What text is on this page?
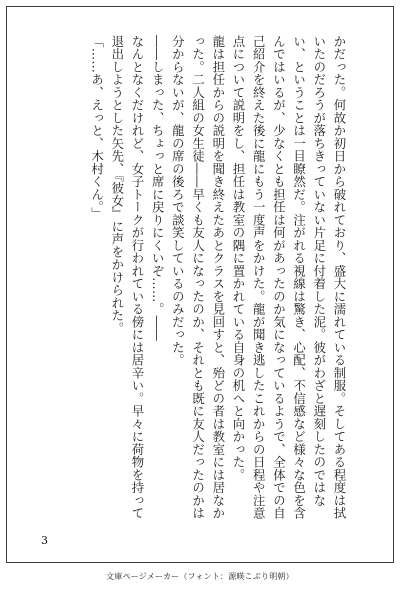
かだった。何故か初日から破れており、盛大に濡れている制服。そしてある程度は拭いたのだろうが落ちきっていない片足に付着した泥。彼がわざと遅刻したのではない、ということは一目瞭然だ。注がれる視線は驚き、心配、不信感など様々な色を含んではいるが、少なくとも担任は何があったのか気になっているようで、全体での自己紹介を終えた後に龍にもう一度声をかけた。龍が聞き逃したこれからの日程や注意点について説明をし、担任は教室の隅に置かれている自身の机へと向かった。

龍は担任からの説明を聞き終えたあとクラスを見回すと、殆どの者は教室には居なかった。二人組の女生徒――早くも友人になったのか、それとも既に友人だったのかは分からないが、龍の席の後ろで談笑しているのみだった。

――しまった、ちょっと席に戻りにくいぞ……。――

なんとなくだけれど、女子トークが行われている傍には居辛い。早々に荷物を持って退出しようとした矢先、『彼女』に声をかけられた。

「……あ、えっと、木村くん。」

3
文庫ページメーカー（フォント：源暎こぶり明朝）
